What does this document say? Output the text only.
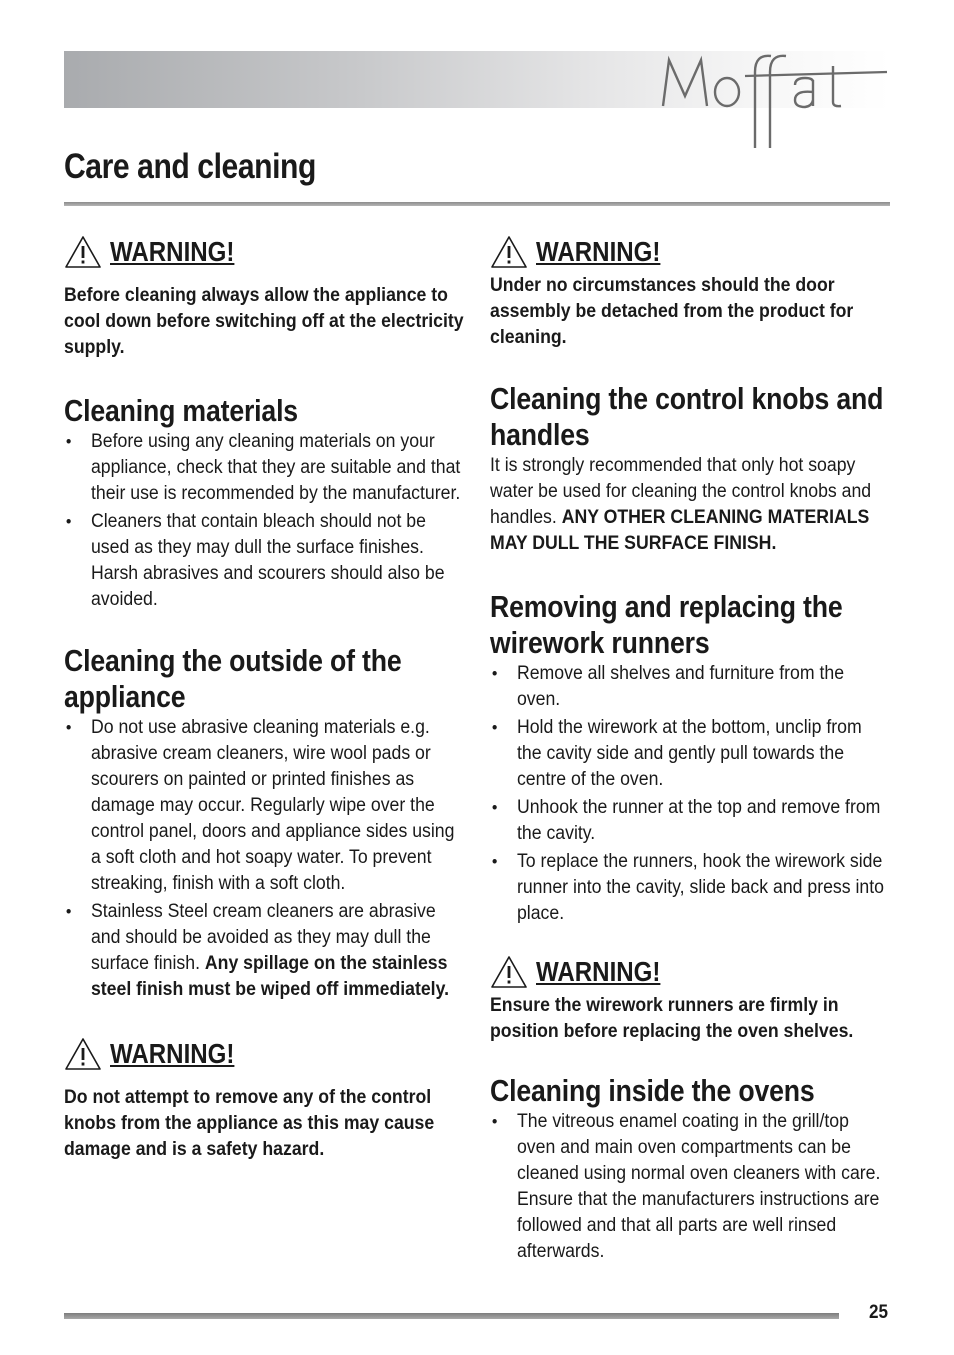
Care and cleaning
WARNING!

Before cleaning always allow the appliance to cool down before switching off at the electricity supply.

Cleaning materials
• Before using any cleaning materials on your appliance, check that they are suitable and that their use is recommended by the manufacturer.
• Cleaners that contain bleach should not be used as they may dull the surface finishes. Harsh abrasives and scourers should also be avoided.
Cleaning the outside of the appliance
• Do not use abrasive cleaning materials e.g. abrasive cream cleaners, wire wool pads or scourers on painted or printed finishes as damage may occur. Regularly wipe over the control panel, doors and appliance sides using a soft cloth and hot soapy water. To prevent streaking, finish with a soft cloth.
• Stainless Steel cream cleaners are abrasive and should be avoided as they may dull the surface finish. Any spillage on the stainless steel finish must be wiped off immediately.
WARNING!

Do not attempt to remove any of the control knobs from the appliance as this may cause damage and is a safety hazard.

WARNING!

Under no circumstances should the door assembly be detached from the product for cleaning.

Cleaning the control knobs and handles

It is strongly recommended that only hot soapy water be used for cleaning the control knobs and handles. ANY OTHER CLEANING MATERIALS MAY DULL THE SURFACE FINISH.

Removing and replacing the wirework runners
• Remove all shelves and furniture from the oven.
• Hold the wirework at the bottom, unclip from the cavity side and gently pull towards the centre of the oven.
• Unhook the runner at the top and remove from the cavity.
• To replace the runners, hook the wirework side runner into the cavity, slide back and press into place.
WARNING!

Ensure the wirework runners are firmly in position before replacing the oven shelves.

Cleaning inside the ovens
• The vitreous enamel coating in the grill/top oven and main oven compartments can be cleaned using normal oven cleaners with care. Ensure that the manufacturers instructions are followed and that all parts are well rinsed afterwards.
25
